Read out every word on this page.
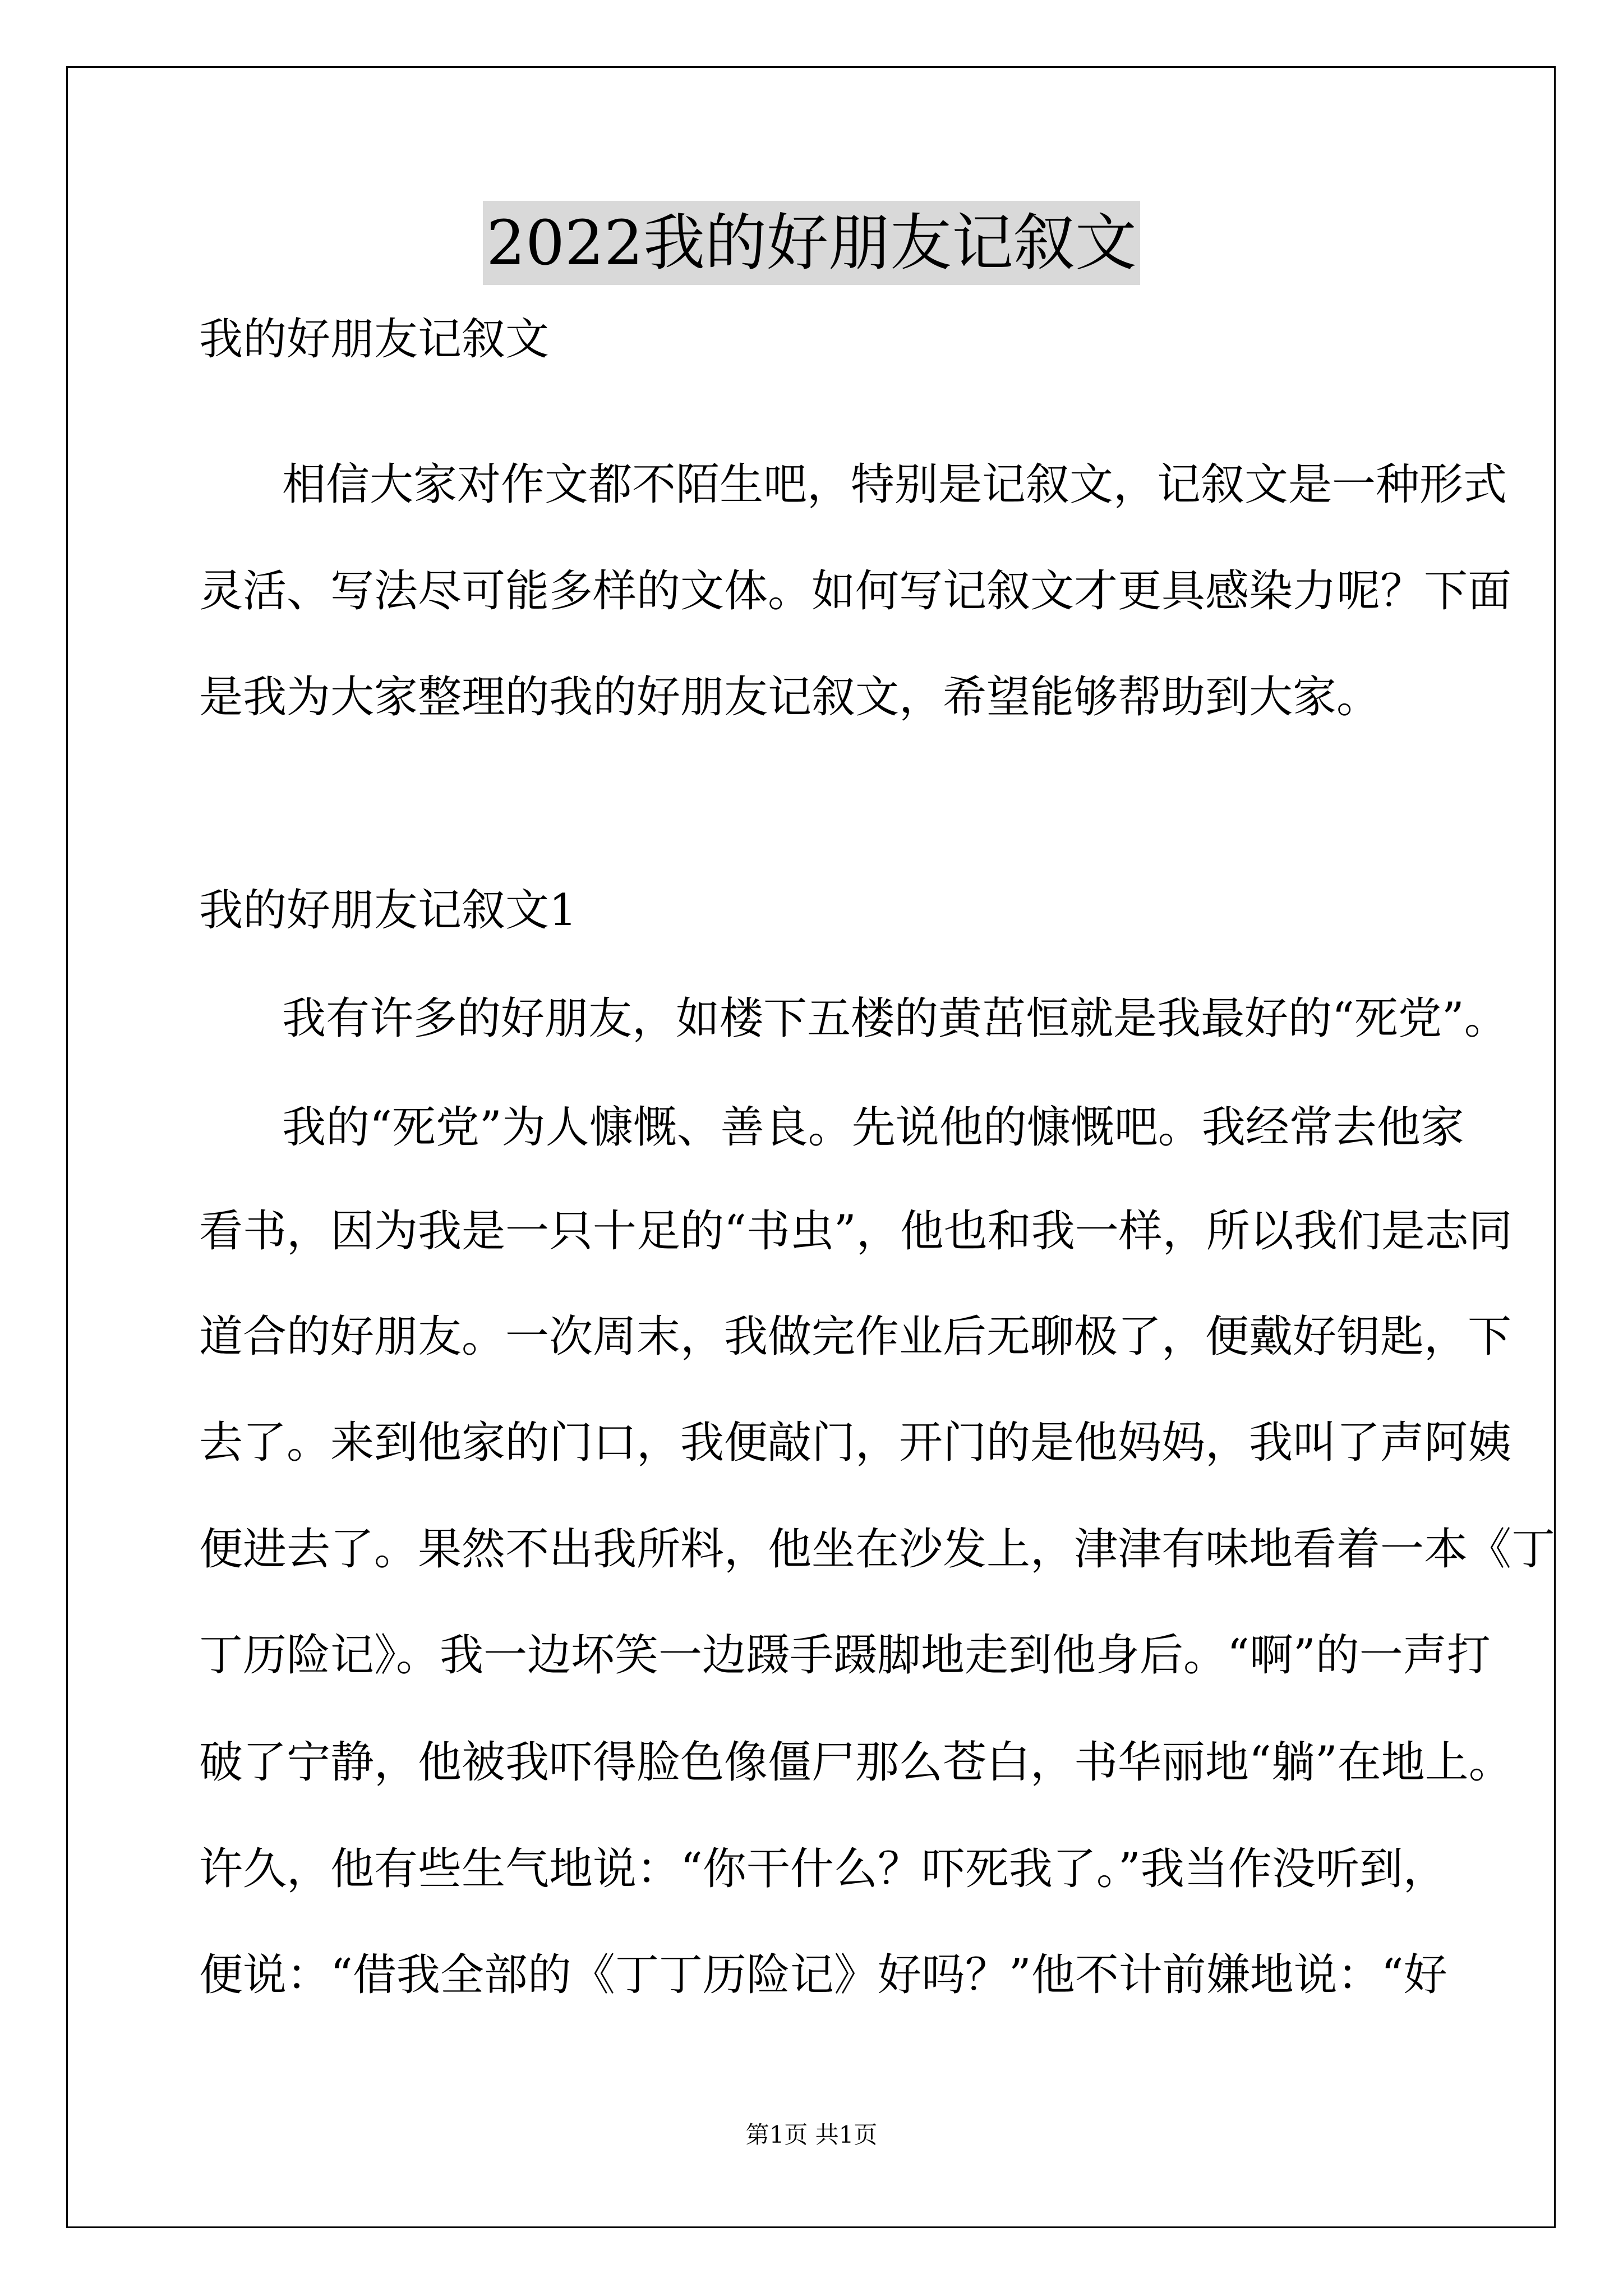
2022我的好朋友记叙文
我的好朋友记叙文
相信大家对作文都不陌生吧，特别是记叙文，记叙文是一种形式
灵活、写法尽可能多样的文体。如何写记叙文才更具感染力呢？下面
是我为大家整理的我的好朋友记叙文，希望能够帮助到大家。
我的好朋友记叙文1
我有许多的好朋友，如楼下五楼的黄茁恒就是我最好的“死党”。
我的“死党”为人慷慨、善良。先说他的慷慨吧。我经常去他家
看书，因为我是一只十足的“书虫”，他也和我一样，所以我们是志同
道合的好朋友。一次周末，我做完作业后无聊极了，便戴好钥匙，下
去了。来到他家的门口，我便敲门，开门的是他妈妈，我叫了声阿姨
便进去了。果然不出我所料，他坐在沙发上，津津有味地看着一本《丁
丁历险记》。我一边坏笑一边蹑手蹑脚地走到他身后。“啊”的一声打
破了宁静，他被我吓得脸色像僵尸那么苍白，书华丽地“躺”在地上。
许久，他有些生气地说：“你干什么？吓死我了。”我当作没听到，
便说：“借我全部的《丁丁历险记》好吗？”他不计前嫌地说：“好
第1页 共1页
